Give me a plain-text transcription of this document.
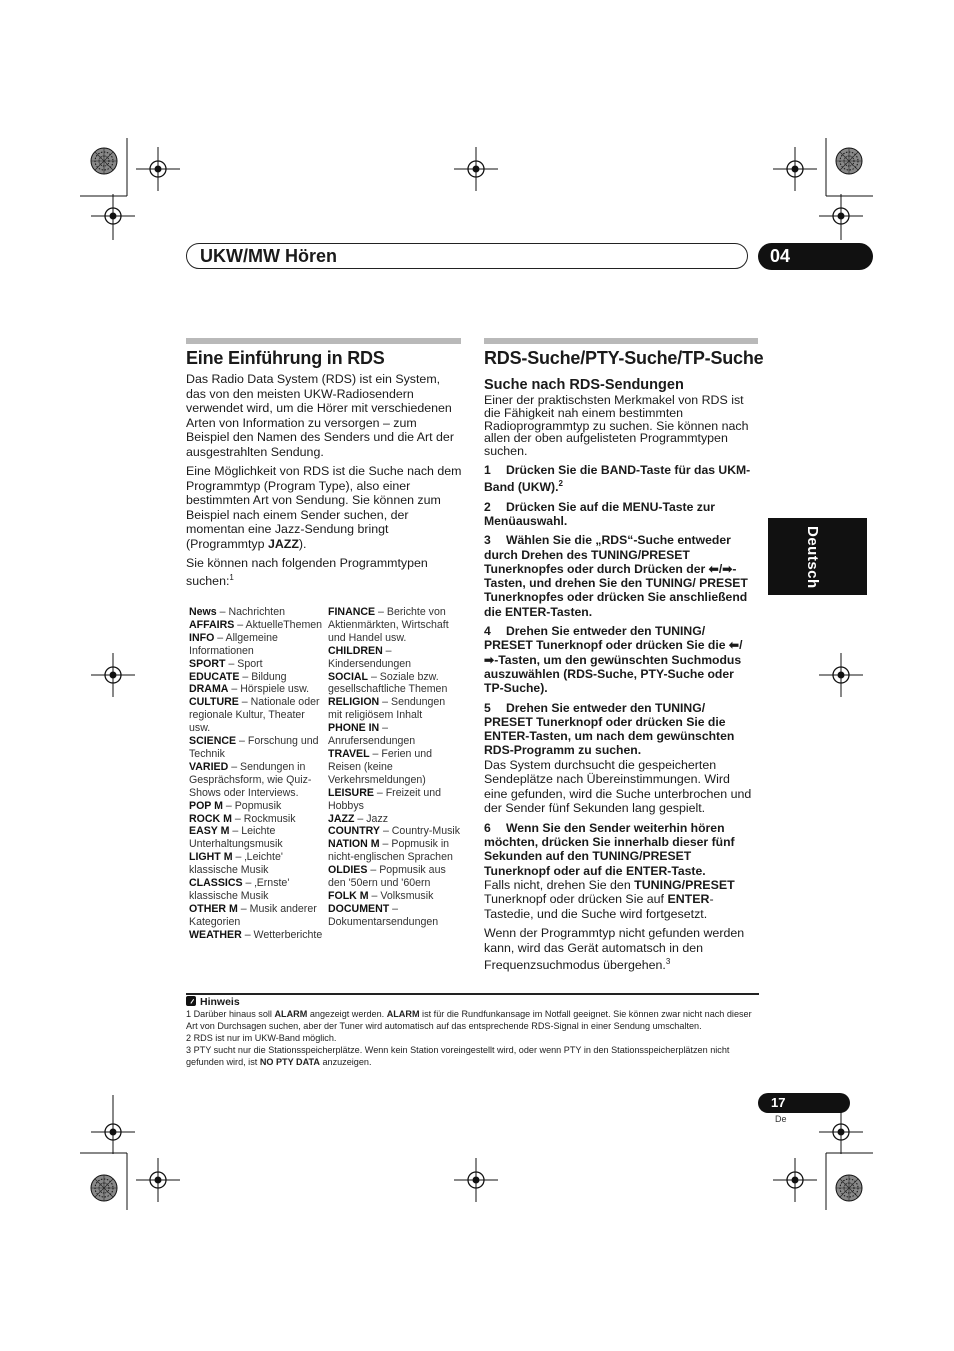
UKW/MW Hören	04
Deutsch
Eine Einführung in RDS

Das Radio Data System (RDS) ist ein System, das von den meisten UKW-Radiosendern verwendet wird, um die Hörer mit verschiedenen Arten von Information zu versorgen – zum Beispiel den Namen des Senders und die Art der ausgestrahlten Sendung.

Eine Möglichkeit von RDS ist die Suche nach dem Programmtyp (Program Type), also einer bestimmten Art von Sendung. Sie können zum Beispiel nach einem Sender suchen, der momentan eine Jazz-Sendung bringt (Programmtyp JAZZ).

Sie können nach folgenden Programmtypen suchen:$^1$

News – Nachrichten
AFFAIRS – AktuelleThemen
INFO – Allgemeine Informationen
SPORT – Sport
EDUCATE – Bildung
DRAMA – Hörspiele usw.
CULTURE – Nationale oder regionale Kultur, Theater usw.
SCIENCE – Forschung und Technik
VARIED – Sendungen in Gesprächsform, wie Quiz-Shows oder Interviews.
POP M – Popmusik
ROCK M – Rockmusik
EASY M – Leichte Unterhaltungsmusik
LIGHT M – ‚Leichte' klassische Musik
CLASSICS – ‚Ernste' klassische Musik
OTHER M – Musik anderer Kategorien
WEATHER – Wetterberichte
FINANCE – Berichte von Aktienmärkten, Wirtschaft und Handel usw.
CHILDREN – Kindersendungen
SOCIAL – Soziale bzw. gesellschaftliche Themen
RELIGION – Sendungen mit religiösem Inhalt
PHONE IN – Anrufersendungen
TRAVEL – Ferien und Reisen (keine Verkehrsmeldungen)
LEISURE – Freizeit und Hobbys
JAZZ – Jazz
COUNTRY – Country-Musik
NATION M – Popmusik in nicht-englischen Sprachen
OLDIES – Popmusik aus den '50ern und '60ern
FOLK M – Volksmusik
DOCUMENT – Dokumentarsendungen
RDS-Suche/PTY-Suche/TP-Suche
Suche nach RDS-Sendungen
Einer der praktischsten Merkmakel von RDS ist die Fähigkeit nah einem bestimmten Radioprogrammtyp zu suchen. Sie können nach allen der oben aufgelisteten Programmtypen suchen.
1 Drücken Sie die BAND-Taste für das UKM-Band (UKW).$^2$
2 Drücken Sie auf die MENU-Taste zur Menüauswahl.
3 Wählen Sie die „RDS“-Suche entweder durch Drehen des TUNING/PRESET Tunerknopfes oder durch Drücken der ⬅/➡-Tasten, und drehen Sie den TUNING/ PRESET Tunerknopfes oder drücken Sie anschließend die ENTER-Tasten.
4 Drehen Sie entweder den TUNING/ PRESET Tunerknopf oder drücken Sie die ⬅/➡-Tasten, um den gewünschten Suchmodus auszuwählen (RDS-Suche, PTY-Suche oder TP-Suche).
5 Drehen Sie entweder den TUNING/ PRESET Tunerknopf oder drücken Sie die ENTER-Tasten, um nach dem gewünschten RDS-Programm zu suchen.
Das System durchsucht die gespeicherten Sendeplätze nach Übereinstimmungen. Wird eine gefunden, wird die Suche unterbrochen und der Sender fünf Sekunden lang gespielt.
6 Wenn Sie den Sender weiterhin hören möchten, drücken Sie innerhalb dieser fünf Sekunden auf den TUNING/PRESET Tunerknopf oder auf die ENTER-Taste.
Falls nicht, drehen Sie den TUNING/PRESET Tunerknopf oder drücken Sie auf ENTER-Tastedie, und die Suche wird fortgesetzt.
Wenn der Programmtyp nicht gefunden werden kann, wird das Gerät automatsch in den Frequenzsuchmodus übergehen.$^3$
Hinweis

1 Darüber hinaus soll ALARM angezeigt werden. ALARM ist für die Rundfunkansage im Notfall geeignet. Sie können zwar nicht nach dieser Art von Durchsagen suchen, aber der Tuner wird automatisch auf das entsprechende RDS-Signal in einer Sendung umschalten.

2 RDS ist nur im UKW-Band möglich.

3 PTY sucht nur die Stationsspeicherplätze. Wenn kein Station voreingestellt wird, oder wenn PTY in den Stationsspeicherplätzen nicht gefunden wird, ist NO PTY DATA anzuzeigen.

17
De
